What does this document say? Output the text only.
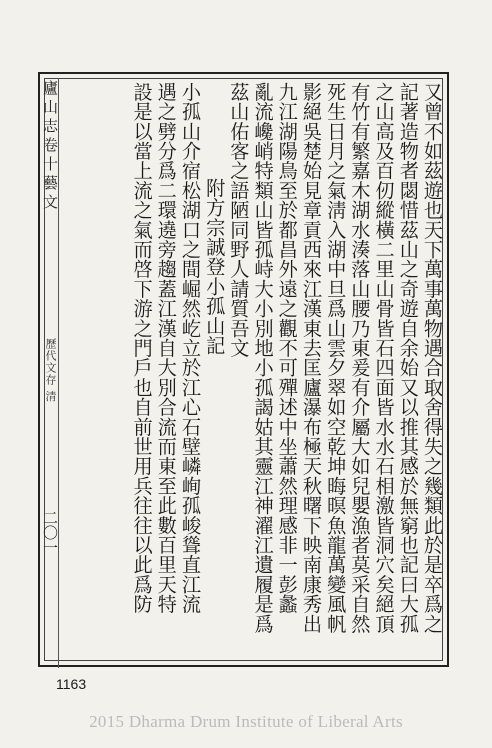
廬山志卷十藝文
歷代文存 清
二〇一	又曾不如茲遊也天下萬事萬物遇合取舍得失之幾類此於是卒爲之
記著造物者閟惜茲山之奇遊自余始又以推其感於無窮也記曰大孤
之山高及百仞縱橫二里山骨皆石四面皆水水石相激皆洞穴矣絕頂
有竹有繁嘉木湖水湊落山腰乃東爰有介屬大如兒嬰漁者莫采自然
死生日月之氣淸入湖中旦爲山雲夕翠如空乾坤晦暝魚龍萬變風帆
影絕吳楚始見章貢西來江漢東去匡廬瀑布極天秋曙下映南康秀出
九江湖陽鳥至於都昌外遠之觀不可殫述中坐蕭然理感非一彭蠡
亂流巉峭特類山皆孤峙大小別地小孤謁姑其靈江神濯江遺履是爲
茲山佑客之語陋同野人請質吾文
附方宗誠登小孤山記
小孤山介宿松湖口之間崛然屹立於江心石壁嶙峋孤峻聳直江流
遇之劈分爲二環遶旁趨蓋江漢自大別合流而東至此數百里天特
設是以當上流之氣而啓下游之門戶也自前世用兵往往以此爲防
1163
2015 Dharma Drum Institute of Liberal Arts
